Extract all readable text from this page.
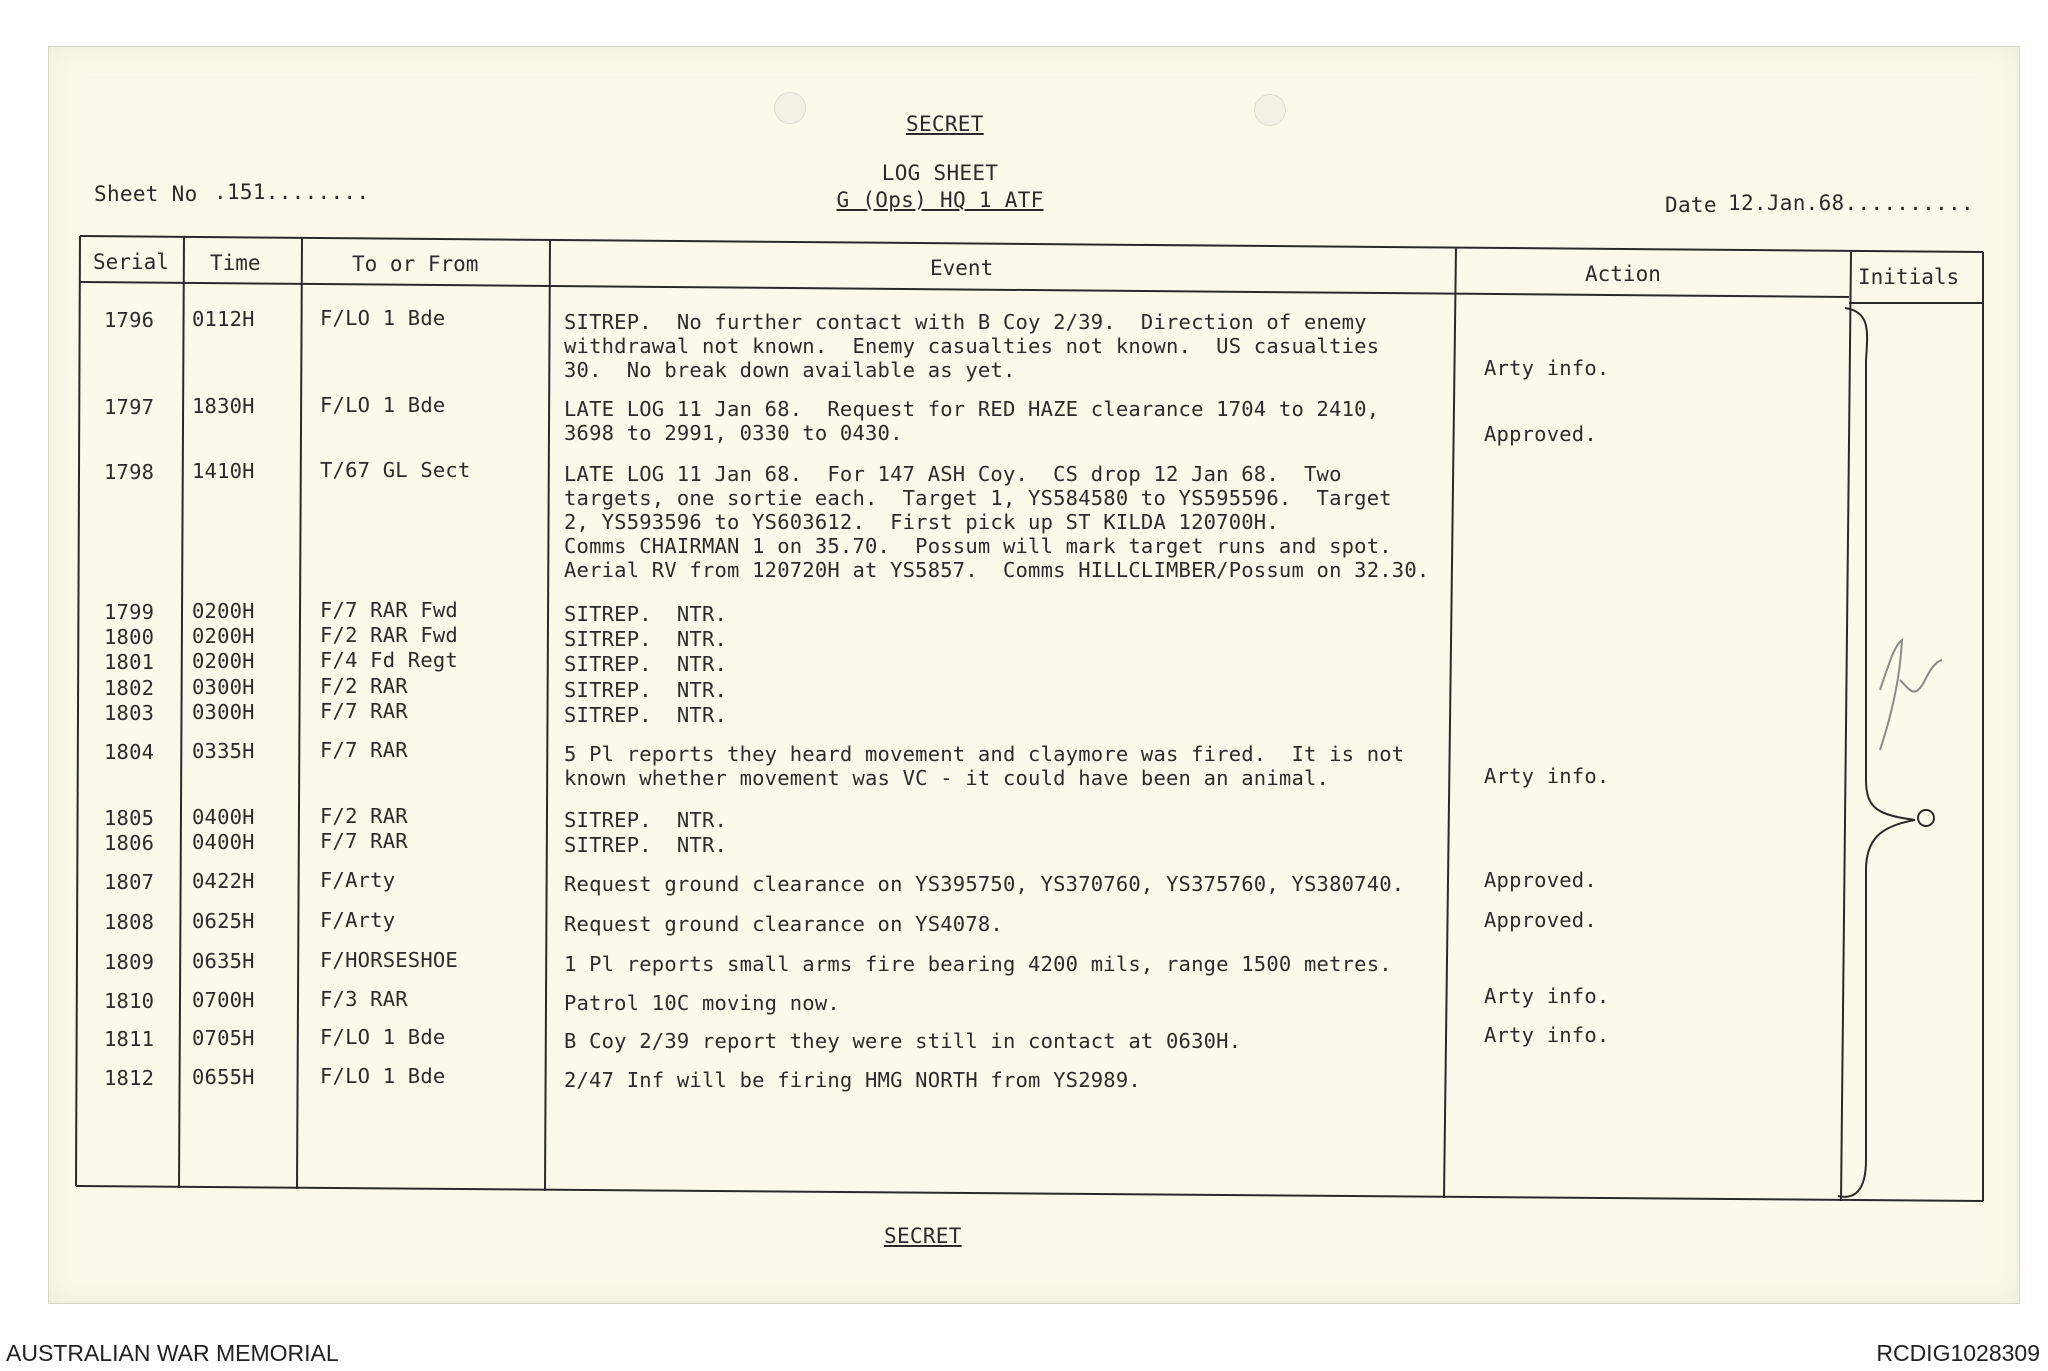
SECRET
Sheet No .151........
LOG SHEET
G (Ops) HQ 1 ATF	Date 12.Jan.68..........
Serial Time	To or From	Event	Action	Initials
1796 0112H	F/LO 1 Bde	SITREP.  No further contact with B Coy 2/39.  Direction of enemy
withdrawal not known.  Enemy casualties not known.  US casualties
30.  No break down available as yet.	Arty info.
1797 1830H	F/LO 1 Bde	LATE LOG 11 Jan 68.  Request for RED HAZE clearance 1704 to 2410,
3698 to 2991, 0330 to 0430.	Approved.
1798 1410H	T/67 GL Sect	LATE LOG 11 Jan 68.  For 147 ASH Coy.  CS drop 12 Jan 68.  Two
targets, one sortie each.  Target 1, YS584580 to YS595596.  Target
2, YS593596 to YS603612.  First pick up ST KILDA 120700H.
Comms CHAIRMAN 1 on 35.70.  Possum will mark target runs and spot.
Aerial RV from 120720H at YS5857.  Comms HILLCLIMBER/Possum on 32.30.
1799 0200H	F/7 RAR Fwd	SITREP.  NTR.
1800 0200H	F/2 RAR Fwd	SITREP.  NTR.
1801 0200H	F/4 Fd Regt	SITREP.  NTR.
1802 0300H	F/2 RAR	SITREP.  NTR.
1803 0300H	F/7 RAR	SITREP.  NTR.
1804 0335H	F/7 RAR	5 Pl reports they heard movement and claymore was fired.  It is not
known whether movement was VC - it could have been an animal.	Arty info.
1805 0400H	F/2 RAR	SITREP.  NTR.
1806 0400H	F/7 RAR	SITREP.  NTR.
1807 0422H	F/Arty	Request ground clearance on YS395750, YS370760, YS375760, YS380740.	Approved.
1808 0625H	F/Arty	Request ground clearance on YS4078.	Approved.
1809 0635H	F/HORSESHOE	1 Pl reports small arms fire bearing 4200 mils, range 1500 metres.
1810 0700H	F/3 RAR	Patrol 10C moving now.	Arty info.
1811 0705H	F/LO 1 Bde	B Coy 2/39 report they were still in contact at 0630H.	Arty info.
1812 0655H	F/LO 1 Bde	2/47 Inf will be firing HMG NORTH from YS2989.
SECRET
AUSTRALIAN WAR MEMORIAL	RCDIG1028309
